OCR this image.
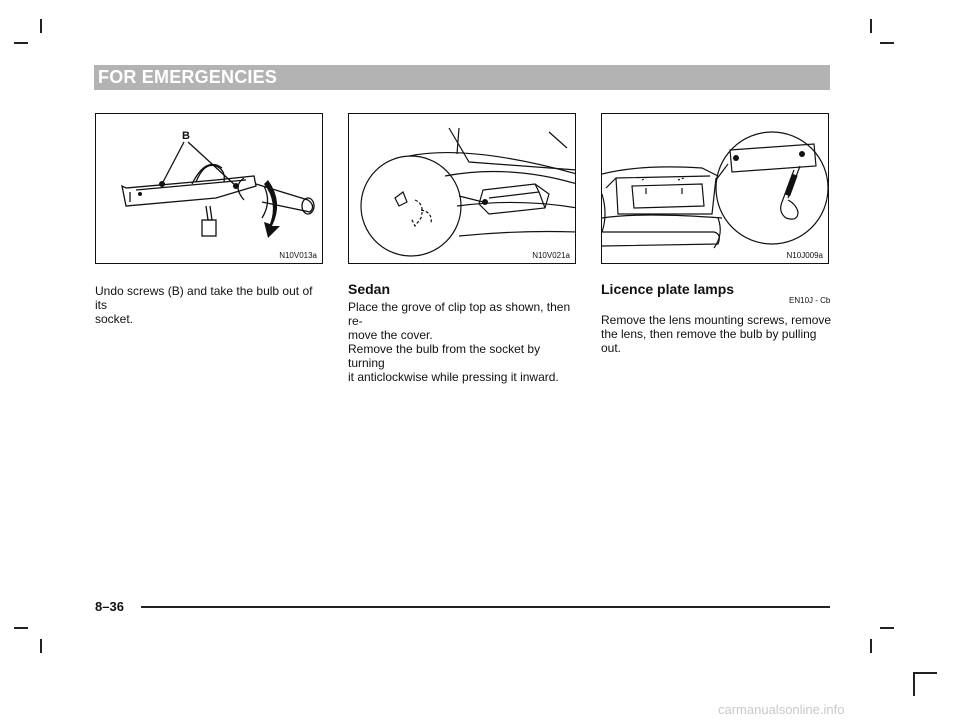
FOR EMERGENCIES
B
N10V013a	N10V021a	N10J009a
Undo screws (B) and take the bulb out of its
socket.
Sedan
Place the grove of clip top as shown, then re-
move the cover.
Remove the bulb from the socket by turning
it anticlockwise while pressing it inward.
Licence plate lamps
EN10J - Cb
Remove the lens mounting screws, remove
the lens, then remove the bulb by pulling out.
8–36
carmanualsonline.info
